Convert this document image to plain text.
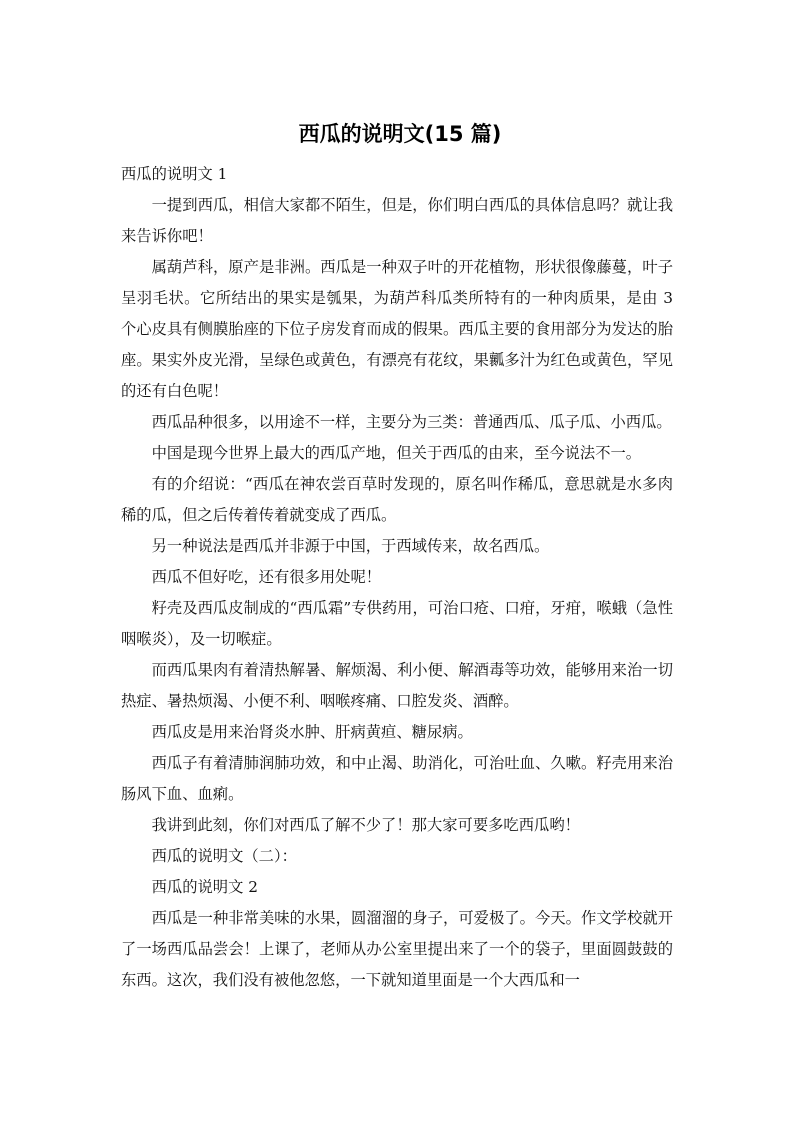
西瓜的说明文(15 篇)

西瓜的说明文 1

一提到西瓜，相信大家都不陌生，但是，你们明白西瓜的具体信息吗？就让我来告诉你吧！

属葫芦科，原产是非洲。西瓜是一种双子叶的开花植物，形状很像藤蔓，叶子呈羽毛状。它所结出的果实是瓠果，为葫芦科瓜类所特有的一种肉质果，是由 3 个心皮具有侧膜胎座的下位子房发育而成的假果。西瓜主要的食用部分为发达的胎座。果实外皮光滑，呈绿色或黄色，有漂亮有花纹，果瓤多汁为红色或黄色，罕见的还有白色呢！

西瓜品种很多，以用途不一样，主要分为三类：普通西瓜、瓜子瓜、小西瓜。

中国是现今世界上最大的西瓜产地，但关于西瓜的由来，至今说法不一。

有的介绍说：“西瓜在神农尝百草时发现的，原名叫作稀瓜，意思就是水多肉稀的瓜，但之后传着传着就变成了西瓜。

另一种说法是西瓜并非源于中国，于西域传来，故名西瓜。

西瓜不但好吃，还有很多用处呢！

籽壳及西瓜皮制成的“西瓜霜”专供药用，可治口疮、口疳，牙疳，喉蛾（急性咽喉炎），及一切喉症。

而西瓜果肉有着清热解暑、解烦渴、利小便、解酒毒等功效，能够用来治一切热症、暑热烦渴、小便不利、咽喉疼痛、口腔发炎、酒醉。

西瓜皮是用来治肾炎水肿、肝病黄疸、糖尿病。

西瓜子有着清肺润肺功效，和中止渴、助消化，可治吐血、久嗽。籽壳用来治肠风下血、血痢。

我讲到此刻，你们对西瓜了解不少了！那大家可要多吃西瓜哟！

西瓜的说明文（二）：

西瓜的说明文 2

西瓜是一种非常美味的水果，圆溜溜的身子，可爱极了。今天。作文学校就开了一场西瓜品尝会！上课了，老师从办公室里提出来了一个的袋子，里面圆鼓鼓的东西。这次，我们没有被他忽悠，一下就知道里面是一个大西瓜和一
